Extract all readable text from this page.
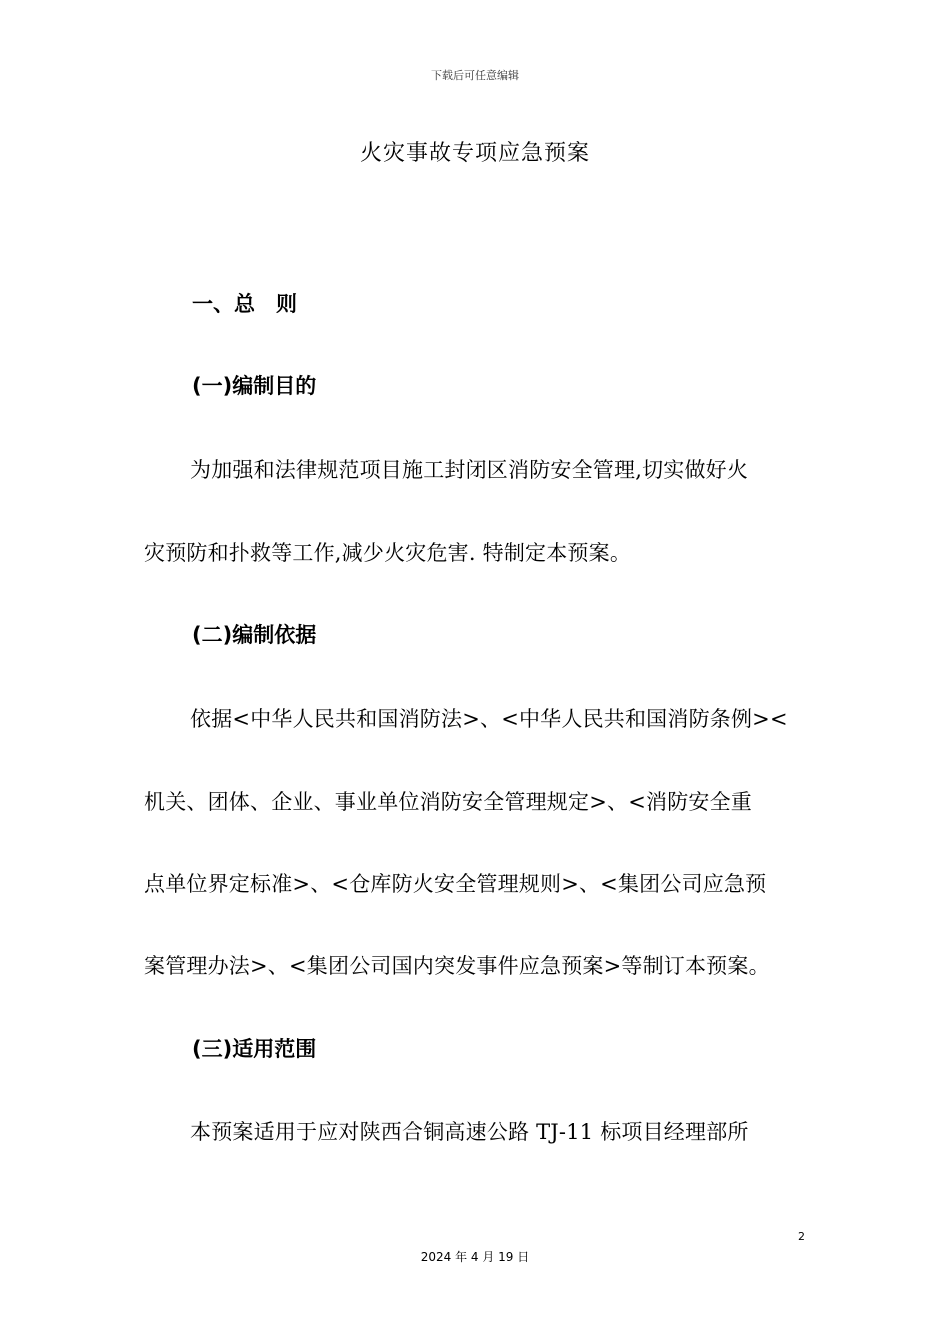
下载后可任意编辑
火灾事故专项应急预案
一、总　则
(一)编制目的
为加强和法律规范项目施工封闭区消防安全管理,切实做好火
灾预防和扑救等工作,减少火灾危害. 特制定本预案。
(二)编制依据
依据<中华人民共和国消防法>、<中华人民共和国消防条例><
机关、团体、企业、事业单位消防安全管理规定>、<消防安全重
点单位界定标准>、<仓库防火安全管理规则>、<集团公司应急预
案管理办法>、<集团公司国内突发事件应急预案>等制订本预案。
(三)适用范围
本预案适用于应对陕西合铜高速公路 TJ-11 标项目经理部所
2
2024 年 4 月 19 日
